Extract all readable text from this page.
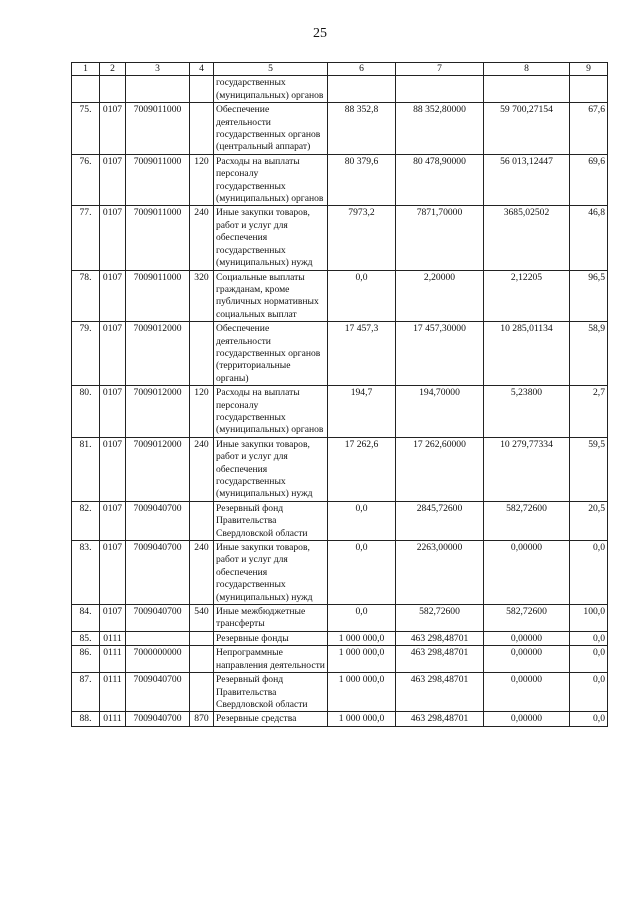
25
1	2	3	4	5	6	7	8	9
				государственных (муниципальных) органов				
75.	0107	7009011000		Обеспечение деятельности государственных органов (центральный аппарат)	88 352,8	88 352,80000	59 700,27154	67,6
76.	0107	7009011000	120	Расходы на выплаты персоналу государственных (муниципальных) органов	80 379,6	80 478,90000	56 013,12447	69,6
77.	0107	7009011000	240	Иные закупки товаров, работ и услуг для обеспечения государственных (муниципальных) нужд	7973,2	7871,70000	3685,02502	46,8
78.	0107	7009011000	320	Социальные выплаты гражданам, кроме публичных нормативных социальных выплат	0,0	2,20000	2,12205	96,5
79.	0107	7009012000		Обеспечение деятельности государственных органов (территориальные органы)	17 457,3	17 457,30000	10 285,01134	58,9
80.	0107	7009012000	120	Расходы на выплаты персоналу государственных (муниципальных) органов	194,7	194,70000	5,23800	2,7
81.	0107	7009012000	240	Иные закупки товаров, работ и услуг для обеспечения государственных (муниципальных) нужд	17 262,6	17 262,60000	10 279,77334	59,5
82.	0107	7009040700		Резервный фонд Правительства Свердловской области	0,0	2845,72600	582,72600	20,5
83.	0107	7009040700	240	Иные закупки товаров, работ и услуг для обеспечения государственных (муниципальных) нужд	0,0	2263,00000	0,00000	0,0
84.	0107	7009040700	540	Иные межбюджетные трансферты	0,0	582,72600	582,72600	100,0
85.	0111			Резервные фонды	1 000 000,0	463 298,48701	0,00000	0,0
86.	0111	7000000000		Непрограммные направления деятельности	1 000 000,0	463 298,48701	0,00000	0,0
87.	0111	7009040700		Резервный фонд Правительства Свердловской области	1 000 000,0	463 298,48701	0,00000	0,0
88.	0111	7009040700	870	Резервные средства	1 000 000,0	463 298,48701	0,00000	0,0
